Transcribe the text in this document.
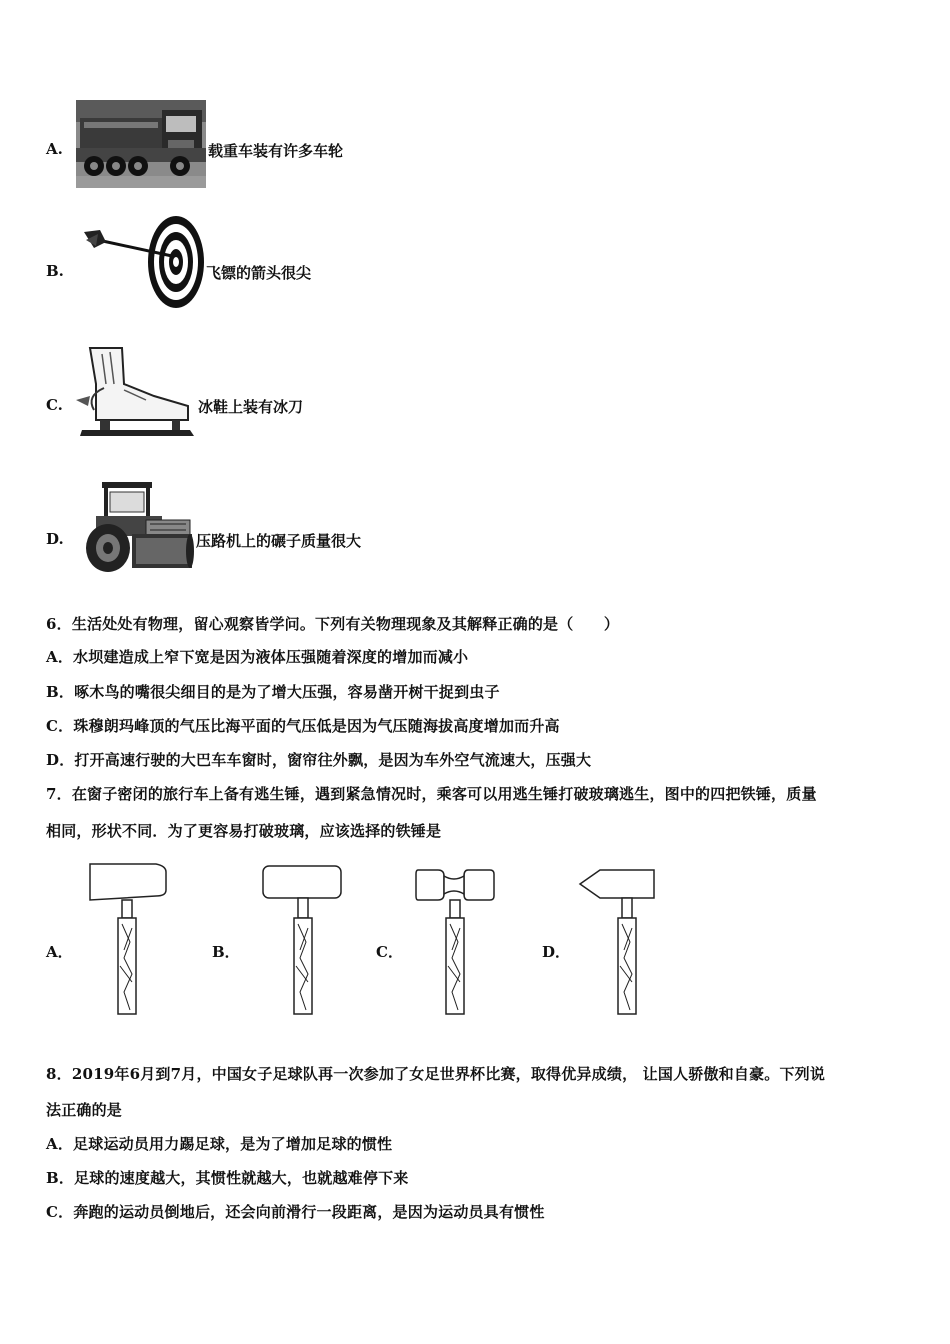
A.	载重车装有许多车轮
B.	飞镖的箭头很尖
C.	冰鞋上装有冰刀
D.	压路机上的碾子质量很大
6．生活处处有物理，留心观察皆学问。下列有关物理现象及其解释正确的是（　　）
A．水坝建造成上窄下宽是因为液体压强随着深度的增加而减小
B．啄木鸟的嘴很尖细目的是为了增大压强，容易凿开树干捉到虫子
C．珠穆朗玛峰顶的气压比海平面的气压低是因为气压随海拔高度增加而升高
D．打开高速行驶的大巴车车窗时，窗帘往外飘，是因为车外空气流速大，压强大
7．在窗子密闭的旅行车上备有逃生锤，遇到紧急情况时，乘客可以用逃生锤打破玻璃逃生，图中的四把铁锤，质量
相同，形状不同．为了更容易打破玻璃，应该选择的铁锤是
A．	B．	C．	D．
8．2019年6月到7月，中国女子足球队再一次参加了女足世界杯比赛，取得优异成绩， 让国人骄傲和自豪。下列说
法正确的是
A．足球运动员用力踢足球，是为了增加足球的惯性
B．足球的速度越大，其惯性就越大，也就越难停下来
C．奔跑的运动员倒地后，还会向前滑行一段距离，是因为运动员具有惯性
